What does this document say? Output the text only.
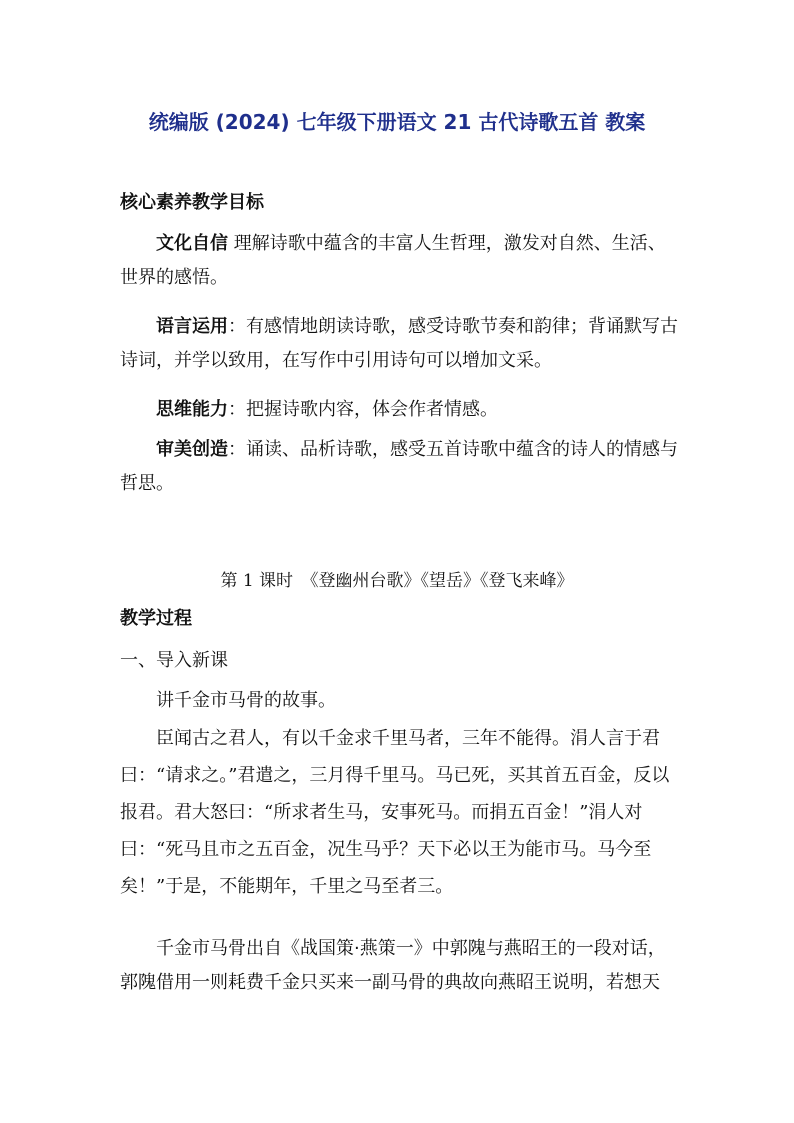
统编版 (2024) 七年级下册语文 21 古代诗歌五首 教案
核心素养教学目标
文化自信 理解诗歌中蕴含的丰富人生哲理，激发对自然、生活、世界的感悟。
语言运用：有感情地朗读诗歌，感受诗歌节奏和韵律；背诵默写古诗词，并学以致用，在写作中引用诗句可以增加文采。
思维能力：把握诗歌内容，体会作者情感。
审美创造：诵读、品析诗歌，感受五首诗歌中蕴含的诗人的情感与哲思。
第 1 课时　《登幽州台歌》《望岳》《登飞来峰》
教学过程
一、导入新课
讲千金市马骨的故事。
臣闻古之君人，有以千金求千里马者，三年不能得。涓人言于君曰：“请求之。”君遣之，三月得千里马。马已死，买其首五百金，反以报君。君大怒曰：“所求者生马，安事死马。而捐五百金！”涓人对曰：“死马且市之五百金，况生马乎？天下必以王为能市马。马今至矣！”于是，不能期年，千里之马至者三。
千金市马骨出自《战国策·燕策一》中郭隗与燕昭王的一段对话，郭隗借用一则耗费千金只买来一副马骨的典故向燕昭王说明，若想天
